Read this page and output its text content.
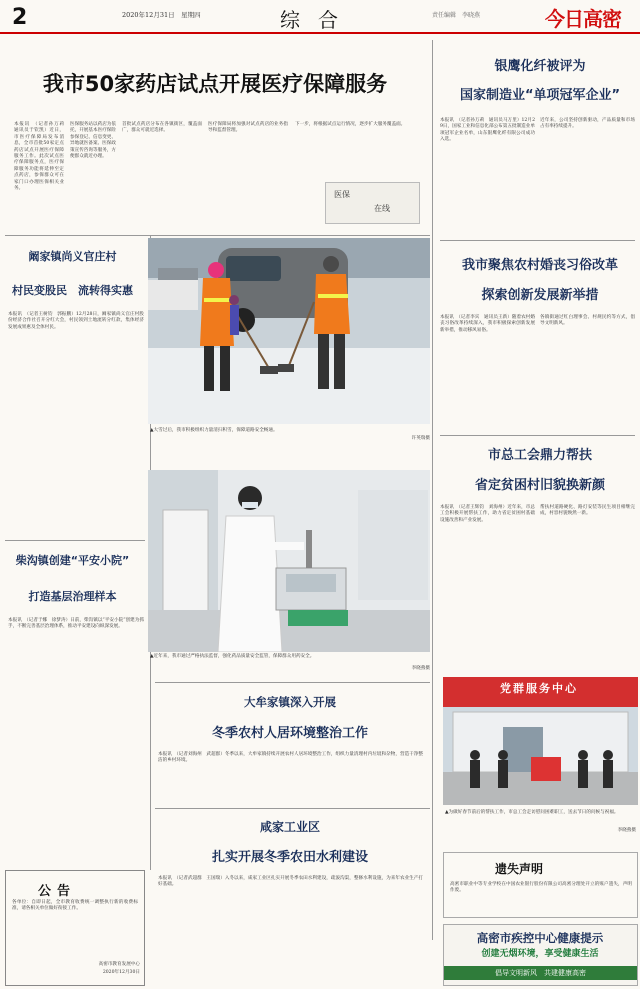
2	2020年12月31日　星期四	综合	责任编辑　李晓燕	今日高密
我市50家药店试点开展医疗保障服务
本报讯　（记者孙万莉　通讯员于钦凯）近日，市医疗保障局发布消息，全市首批50家定点药店试点开展医疗保障服务工作。此次试点医疗保障服务点，医疗保障服务功能将延伸至定点药店，参保群众可在家门口办理医保相关业务。
医保服务站以药店为依托，开展基本医疗保险参保登记、信息变更、异地就医备案、医保政策宣传咨询等服务，方便群众就近办理。
首批试点药店分布在各镇街区，覆盖面广，群众可就近选择。
医疗保障局将加强对试点药店的业务指导和监督管理。
下一步，将根据试点运行情况，逐步扩大服务覆盖面。
医保
在线
银鹰化纤被评为
国家制造业“单项冠军企业”
本报讯　（记者孙万莉　通讯员马万里）12月29日，国家工业和信息化部公布第五批制造业单项冠军企业名单，山东银鹰化纤有限公司成功入选。
近年来，公司坚持创新驱动，产品质量和市场占有率持续提升。
阚家镇尚义官庄村
村民变股民　流转得实惠
本报讯　（记者王树钧　郭振鹏）12月28日，阚家镇尚义官庄村股份经济合作社召开分红大会，村民领到土地流转分红款，集体经济发展成果惠及全体村民。
▲大雪过后，我市积极组织力量清扫积雪，保障道路安全畅通。
许英瑞摄
我市聚焦农村婚丧习俗改革
探索创新发展新举措
本报讯　（记者李宾　通讯员王新）随着农村婚丧习俗改革持续深入，我市积极探索创新发展新举措，推动移风易俗。
各镇街通过红白理事会、村规民约等方式，倡导文明新风。
市总工会鼎力帮扶
省定贫困村旧貌换新颜
本报讯　（记者王辉钧　刘海州）近年来，市总工会积极开展帮扶工作，助力省定贫困村基础设施改善和产业发展。
帮扶村道路硬化、路灯安装等民生项目相继完成，村容村貌焕然一新。
柴沟镇创建“平安小院”
打造基层治理样本
本报讯　（记者于娜　徐梦涛）日前，柴沟镇以“平安小院”创建为抓手，不断完善基层治理体系，推动平安建设向纵深发展。
▲近年来，我市通过严格执法监督，强化药品质量安全监管，保障群众用药安全。
李晓燕摄
大牟家镇深入开展
冬季农村人居环境整治工作
本报讯　（记者刘海州　武超群）冬季以来，大牟家镇持续开展农村人居环境整治工作，组织力量清理村内垃圾和杂物，营造干净整洁的乡村环境。
咸家工业区
扎实开展冬季农田水利建设
本报讯　（记者武超群　王国瑞）入冬以来，咸家工业区扎实开展冬季农田水利建设，疏浚沟渠，整修水利设施，为来年农业生产打好基础。
党群服务中心
▲为做好春节前后的帮扶工作，市总工会走访慰问困难职工，送去节日的问候与祝福。
李晓燕摄
公告
各单位：自即日起，全市教育收费统一调整执行新的收费标准，请各相关单位做好衔接工作。
高密市教育发展中心
2020年12月30日
遗失声明
高密市职业中等专业学校在中国农业银行股份有限公司高密分理处开立的账户遗失，声明作废。
高密市疾控中心健康提示
创建无烟环境，享受健康生活
倡导文明新风　共建健康高密
